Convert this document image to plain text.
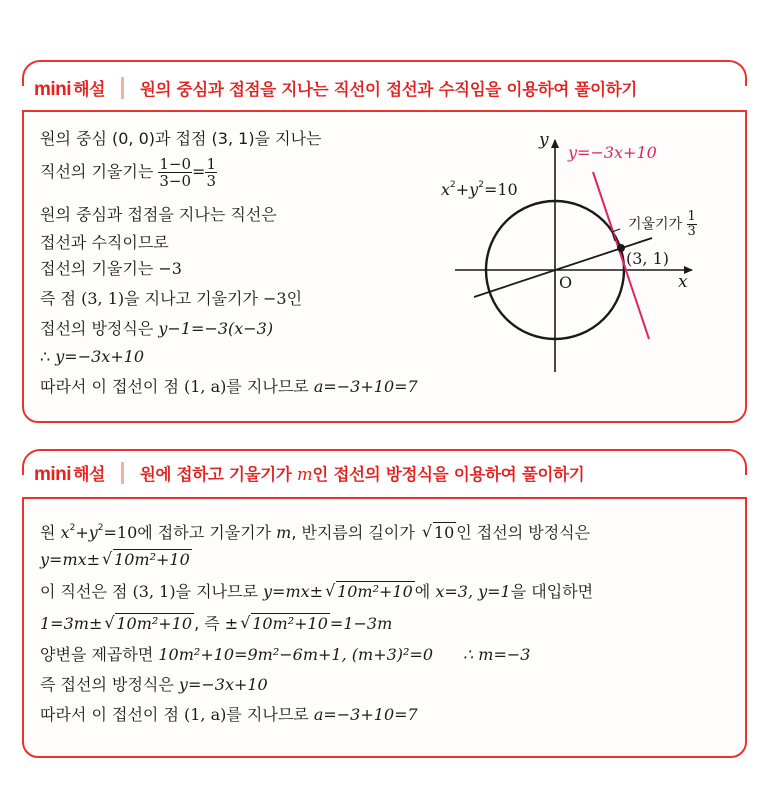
mini 해설 원의 중심과 접점을 지나는 직선이 접선과 수직임을 이용하여 풀이하기
원의 중심 (0, 0)과 접점 (3, 1)을 지나는
직선의 기울기는 $\frac{1-0}{3-0} = \frac{1}{3}$
원의 중심과 접점을 지나는 직선은
접선과 수직이므로
접선의 기울기는 −3
즉 점 (3, 1)을 지나고 기울기가 −3인
접선의 방정식은 y−1=−3(x−3)
∴ y=−3x+10
따라서 이 접선이 점 (1, a)를 지나므로 a=−3+10=7
y
x
O
$x^2+y^2=10$
y=−3x+10
기울기가 $\frac{1}{3}$
(3, 1)
mini 해설 원에 접하고 기울기가 m인 접선의 방정식을 이용하여 풀이하기
원 $x^2+y^2=10$에 접하고 기울기가 m, 반지름의 길이가 √ 10 인 접선의 방정식은
y=mx± √ 10m²+10
이 직선은 점 (3, 1)을 지나므로 y=mx± √ 10m²+10 에 x=3, y=1을 대입하면
1=3m± √ 10m²+10 , 즉 ± √ 10m²+10 =1−3m
양변을 제곱하면 10m²+10=9m²−6m+1, (m+3)²=0 ∴ m=−3
즉 접선의 방정식은 y=−3x+10
따라서 이 접선이 점 (1, a)를 지나므로 a=−3+10=7
